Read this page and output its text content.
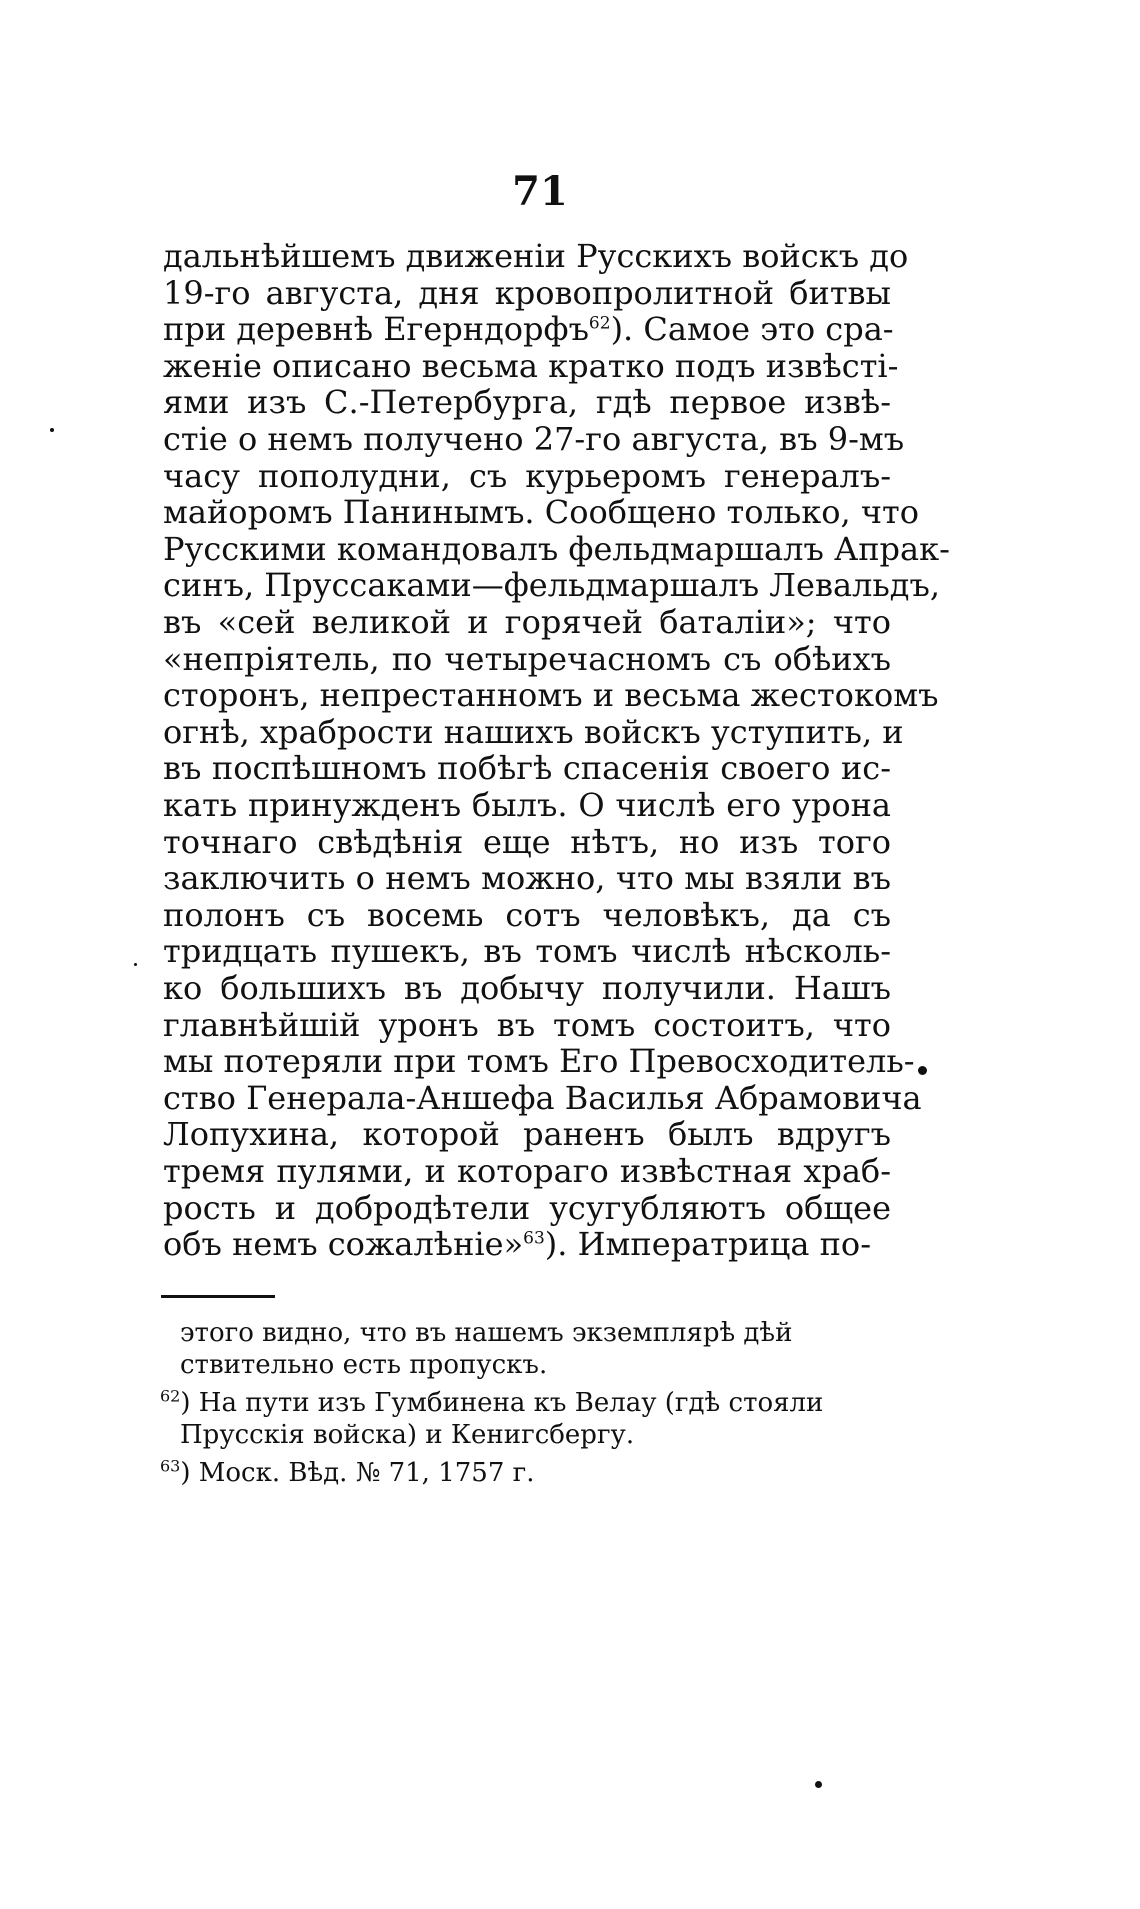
71
дальнѣйшемъ движеніи Русскихъ войскъ до
19-го августа, дня кровопролитной битвы
при деревнѣ Егерндорфъ$^{62}$). Самое это сра-
женіе описано весьма кратко подъ извѣсті-
ями изъ С.-Петербурга, гдѣ первое извѣ-
стіе о немъ получено 27-го августа, въ 9-мъ
часу пополудни, съ курьеромъ генералъ-
майоромъ Панинымъ. Сообщено только, что
Русскими командовалъ фельдмаршалъ Апрак-
синъ, Пруссаками—фельдмаршалъ Левальдъ,
въ «сей великой и горячей баталіи»; что
«непріятель, по четыречасномъ съ обѣихъ
сторонъ, непрестанномъ и весьма жестокомъ
огнѣ, храбрости нашихъ войскъ уступить, и
въ поспѣшномъ побѣгѣ спасенія своего ис-
кать принужденъ былъ. О числѣ его урона
точнаго свѣдѣнія еще нѣтъ, но изъ того
заключить о немъ можно, что мы взяли въ
полонъ съ восемь сотъ человѣкъ, да съ
тридцать пушекъ, въ томъ числѣ нѣсколь-
ко большихъ въ добычу получили. Нашъ
главнѣйшій уронъ въ томъ состоитъ, что
мы потеряли при томъ Его Превосходитель-
ство Генерала-Аншефа Василья Абрамовича
Лопухина, которой раненъ былъ вдругъ
тремя пулями, и котораго извѣстная храб-
рость и добродѣтели усугубляютъ общее
объ немъ сожалѣніе»$^{63}$). Императрица по-
этого видно, что въ нашемъ экземплярѣ дѣй
ствительно есть пропускъ.
$^{62}$) На пути изъ Гумбинена къ Велау (гдѣ стояли
Прусскія войска) и Кенигсбергу.
$^{63}$) Моск. Вѣд. № 71, 1757 г.
